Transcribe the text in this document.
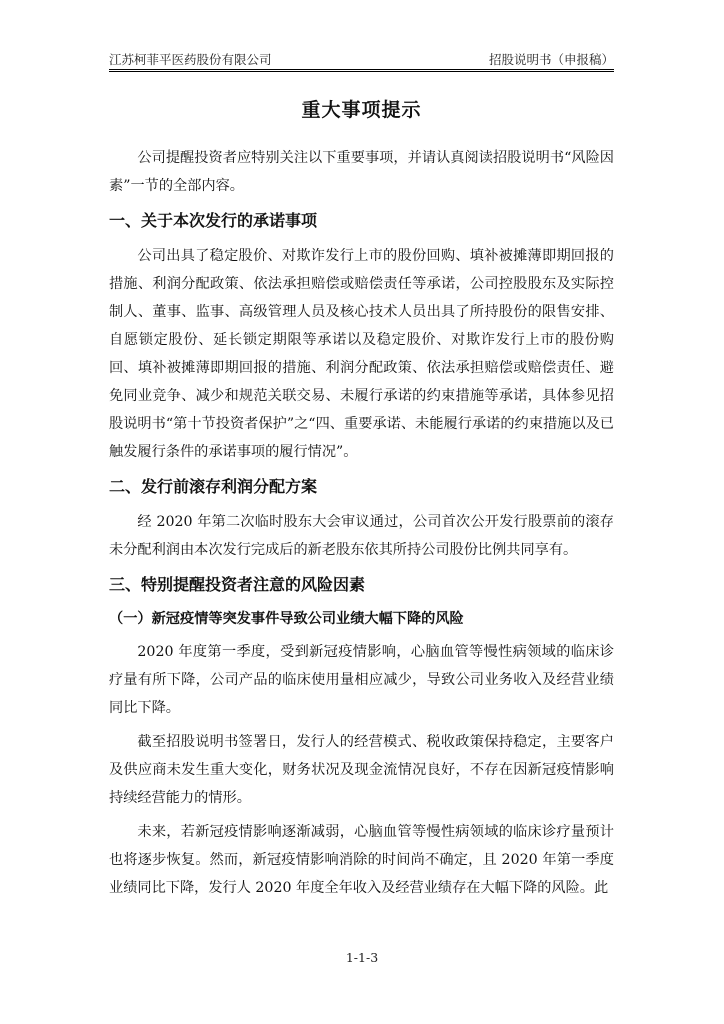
江苏柯菲平医药股份有限公司	招股说明书（申报稿）
重大事项提示

公司提醒投资者应特别关注以下重要事项，并请认真阅读招股说明书“风险因素”一节的全部内容。

一、关于本次发行的承诺事项

公司出具了稳定股价、对欺诈发行上市的股份回购、填补被摊薄即期回报的措施、利润分配政策、依法承担赔偿或赔偿责任等承诺，公司控股股东及实际控制人、董事、监事、高级管理人员及核心技术人员出具了所持股份的限售安排、自愿锁定股份、延长锁定期限等承诺以及稳定股价、对欺诈发行上市的股份购回、填补被摊薄即期回报的措施、利润分配政策、依法承担赔偿或赔偿责任、避免同业竞争、减少和规范关联交易、未履行承诺的约束措施等承诺，具体参见招股说明书“第十节投资者保护”之“四、重要承诺、未能履行承诺的约束措施以及已触发履行条件的承诺事项的履行情况”。

二、发行前滚存利润分配方案

经 2020 年第二次临时股东大会审议通过，公司首次公开发行股票前的滚存未分配利润由本次发行完成后的新老股东依其所持公司股份比例共同享有。

三、特别提醒投资者注意的风险因素
（一）新冠疫情等突发事件导致公司业绩大幅下降的风险

2020 年度第一季度，受到新冠疫情影响，心脑血管等慢性病领域的临床诊疗量有所下降，公司产品的临床使用量相应减少，导致公司业务收入及经营业绩同比下降。

截至招股说明书签署日，发行人的经营模式、税收政策保持稳定，主要客户及供应商未发生重大变化，财务状况及现金流情况良好，不存在因新冠疫情影响持续经营能力的情形。

未来，若新冠疫情影响逐渐减弱，心脑血管等慢性病领域的临床诊疗量预计也将逐步恢复。然而，新冠疫情影响消除的时间尚不确定，且 2020 年第一季度业绩同比下降，发行人 2020 年度全年收入及经营业绩存在大幅下降的风险。此

1-1-3
